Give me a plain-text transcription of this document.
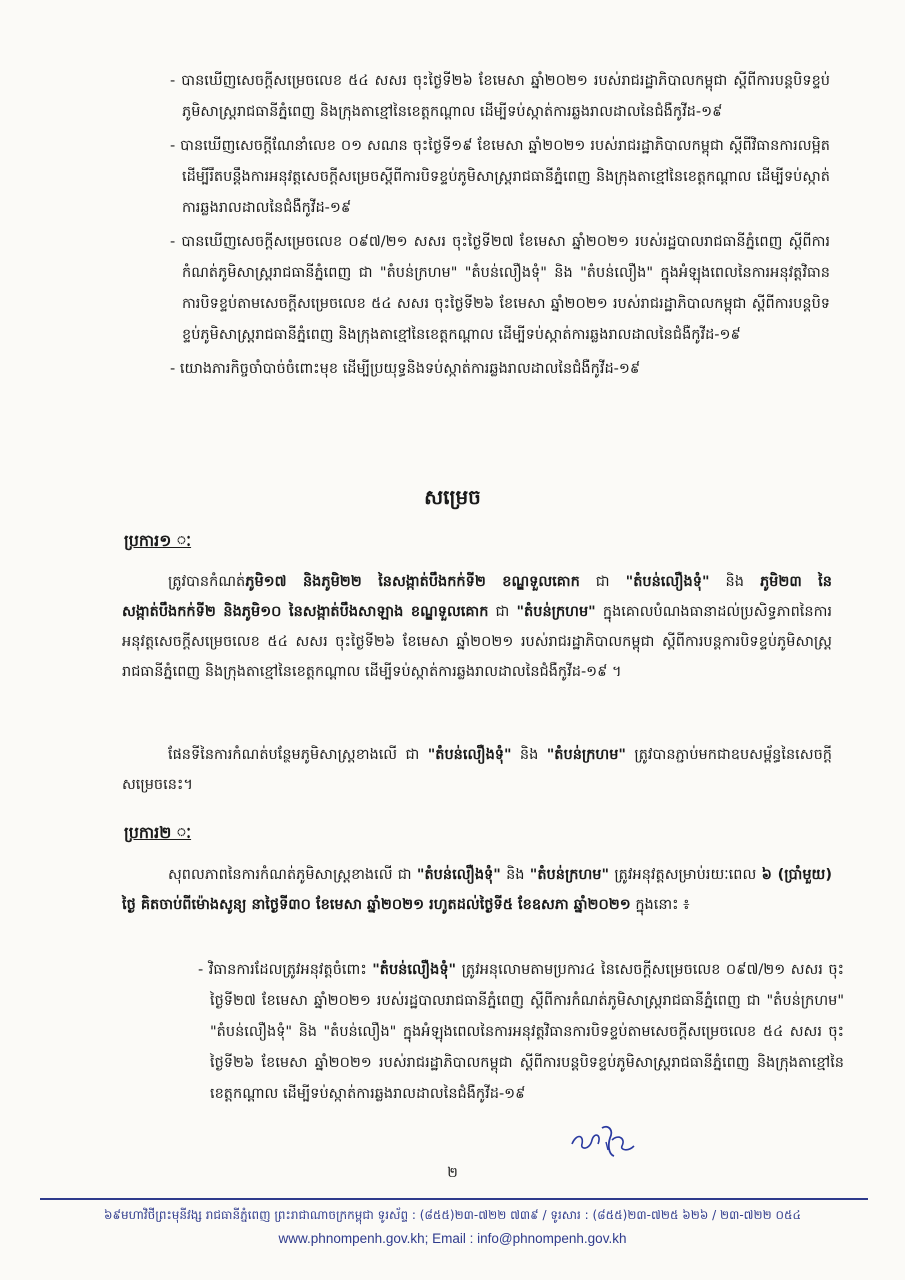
- បានឃើញសេចក្តីសម្រេចលេខ ៥៤ សសរ ចុះថ្ងៃទី២៦ ខែមេសា ឆ្នាំ២០២១ របស់រាជរដ្ឋាភិបាលកម្ពុជា ស្តីពីការបន្តបិទខ្ទប់ភូមិសាស្ត្ររាជធានីភ្នំពេញ និងក្រុងតាខ្មៅនៃខេត្តកណ្តាល ដើម្បីទប់ស្កាត់ការឆ្លងរាលដាលនៃជំងឺកូវីដ-១៩

- បានឃើញសេចក្តីណែនាំលេខ ០១ សណន ចុះថ្ងៃទី១៩ ខែមេសា ឆ្នាំ២០២១ របស់រាជរដ្ឋាភិបាលកម្ពុជា ស្តីពីវិធានការលម្អិតដើម្បីរឹតបន្តឹងការអនុវត្តសេចក្តីសម្រេចស្តីពីការបិទខ្ទប់ភូមិសាស្ត្ររាជធានីភ្នំពេញ និងក្រុងតាខ្មៅនៃខេត្តកណ្តាល ដើម្បីទប់ស្កាត់ការឆ្លងរាលដាលនៃជំងឺកូវីដ-១៩

- បានឃើញសេចក្តីសម្រេចលេខ ០៩៧/២១ សសរ ចុះថ្ងៃទី២៧ ខែមេសា ឆ្នាំ២០២១ របស់រដ្ឋបាលរាជធានីភ្នំពេញ ស្តីពីការកំណត់ភូមិសាស្ត្ររាជធានីភ្នំពេញ ជា "តំបន់ក្រហម" "តំបន់លឿងទុំ" និង "តំបន់លឿង" ក្នុងអំឡុងពេលនៃការអនុវត្តវិធានការបិទខ្ទប់តាមសេចក្តីសម្រេចលេខ ៥៤ សសរ ចុះថ្ងៃទី២៦ ខែមេសា ឆ្នាំ២០២១ របស់រាជរដ្ឋាភិបាលកម្ពុជា ស្តីពីការបន្តបិទខ្ទប់ភូមិសាស្ត្ររាជធានីភ្នំពេញ និងក្រុងតាខ្មៅនៃខេត្តកណ្តាល ដើម្បីទប់ស្កាត់ការឆ្លងរាលដាលនៃជំងឺកូវីដ-១៩

- យោងភារកិច្ចចាំបាច់ចំពោះមុខ ដើម្បីប្រយុទ្ធនិងទប់ស្កាត់ការឆ្លងរាលដាលនៃជំងឺកូវីដ-១៩

សម្រេច
ប្រការ១ ៈ

ត្រូវបានកំណត់ភូមិ១៧ និងភូមិ២២ នៃសង្កាត់បឹងកក់ទី២ ខណ្ឌទួលគោក ជា "តំបន់លឿងទុំ" និង ភូមិ២៣ នៃសង្កាត់បឹងកក់ទី២ និងភូមិ១០ នៃសង្កាត់បឹងសាឡាង ខណ្ឌទួលគោក ជា "តំបន់ក្រហម" ក្នុងគោលបំណងធានាដល់ប្រសិទ្ធភាពនៃការអនុវត្តសេចក្តីសម្រេចលេខ ៥៤ សសរ ចុះថ្ងៃទី២៦ ខែមេសា ឆ្នាំ២០២១ របស់រាជរដ្ឋាភិបាលកម្ពុជា ស្តីពីការបន្តការបិទខ្ទប់ភូមិសាស្ត្ររាជធានីភ្នំពេញ និងក្រុងតាខ្មៅនៃខេត្តកណ្តាល ដើម្បីទប់ស្កាត់ការឆ្លងរាលដាលនៃជំងឺកូវីដ-១៩ ។

ផែនទីនៃការកំណត់បន្ថែមភូមិសាស្ត្រខាងលើ ជា "តំបន់លឿងទុំ" និង "តំបន់ក្រហម" ត្រូវបានភ្ជាប់មកជាឧបសម្ព័ន្ធនៃសេចក្តីសម្រេចនេះ។

ប្រការ២ ៈ

សុពលភាពនៃការកំណត់ភូមិសាស្ត្រខាងលើ ជា "តំបន់លឿងទុំ" និង "តំបន់ក្រហម" ត្រូវអនុវត្តសម្រាប់រយៈពេល ៦ (ប្រាំមួយ) ថ្ងៃ គិតចាប់ពីម៉ោងសូន្យ នាថ្ងៃទី៣០ ខែមេសា ឆ្នាំ២០២១ រហូតដល់ថ្ងៃទី៥ ខែឧសភា ឆ្នាំ២០២១ ក្នុងនោះ ៖

- វិធានការដែលត្រូវអនុវត្តចំពោះ "តំបន់លឿងទុំ" ត្រូវអនុលោមតាមប្រការ៤ នៃសេចក្តីសម្រេចលេខ ០៩៧/២១ សសរ ចុះថ្ងៃទី២៧ ខែមេសា ឆ្នាំ២០២១ របស់រដ្ឋបាលរាជធានីភ្នំពេញ ស្តីពីការកំណត់ភូមិសាស្ត្ររាជធានីភ្នំពេញ ជា "តំបន់ក្រហម" "តំបន់លឿងទុំ" និង "តំបន់លឿង" ក្នុងអំឡុងពេលនៃការអនុវត្តវិធានការបិទខ្ទប់តាមសេចក្តីសម្រេចលេខ ៥៤ សសរ ចុះថ្ងៃទី២៦ ខែមេសា ឆ្នាំ២០២១ របស់រាជរដ្ឋាភិបាលកម្ពុជា ស្តីពីការបន្តបិទខ្ទប់ភូមិសាស្ត្ររាជធានីភ្នំពេញ និងក្រុងតាខ្មៅនៃខេត្តកណ្តាល ដើម្បីទប់ស្កាត់ការឆ្លងរាលដាលនៃជំងឺកូវីដ-១៩

២
៦៩មហាវិថីព្រះមុនីវង្ស រាជធានីភ្នំពេញ ព្រះរាជាណាចក្រកម្ពុជា ទូរស័ព្ទ : (៨៥៥)២៣-៧២២ ៧៣៩ / ទូរសារ : (៨៥៥)២៣-៧២៥ ៦២៦ / ២៣-៧២២ ០៥៤
www.phnompenh.gov.kh; Email : info@phnompenh.gov.kh
